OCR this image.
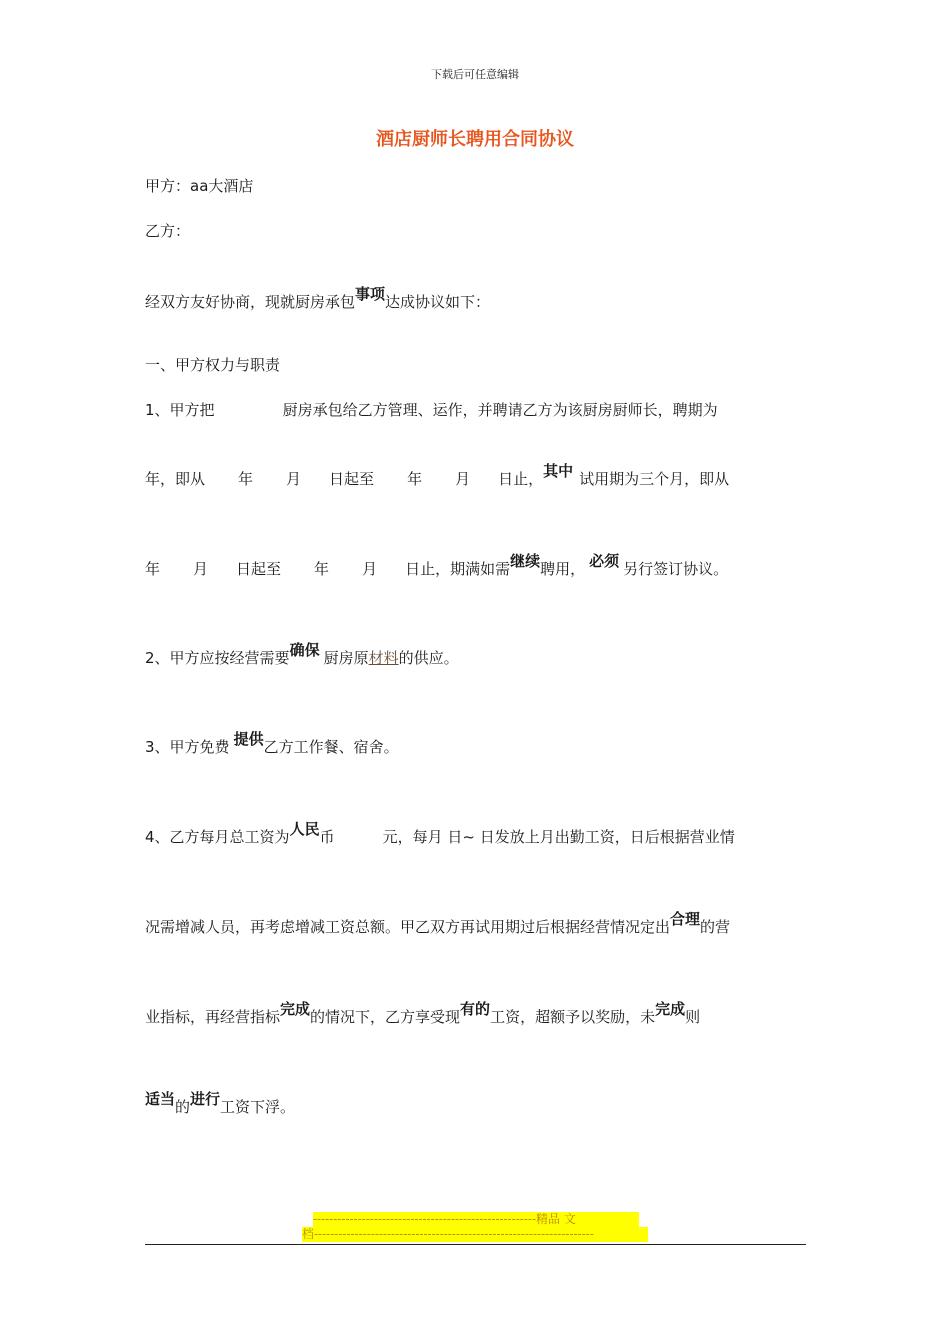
下载后可任意编辑
酒店厨师长聘用合同协议
甲方：aa大酒店
乙方：
经双方友好协商，现就厨房承包事项达成协议如下：
一、甲方权力与职责
1、甲方把	厨房承包给乙方管理、运作，并聘请乙方为该厨房厨师长，聘期为
年，即从 年 月 日起至 年 月 日止，其中 试用期为三个月，即从
年 月 日起至 年 月 日止，期满如需继续聘用， 必须 另行签订协议。
2、甲方应按经营需要确保 厨房原材料的供应。
3、甲方免费 提供乙方工作餐、宿舍。
4、乙方每月总工资为人民币	元，每月 日~ 日发放上月出勤工资，日后根据营业情
况需增减人员，再考虑增减工资总额。甲乙双方再试用期过后根据经营情况定出合理的营
业指标，再经营指标完成的情况下，乙方享受现有的工资，超额予以奖励，未完成则
适当的进行工资下浮。
-------------------------------------------------------精品 文
档---------------------------------------------------------------------
